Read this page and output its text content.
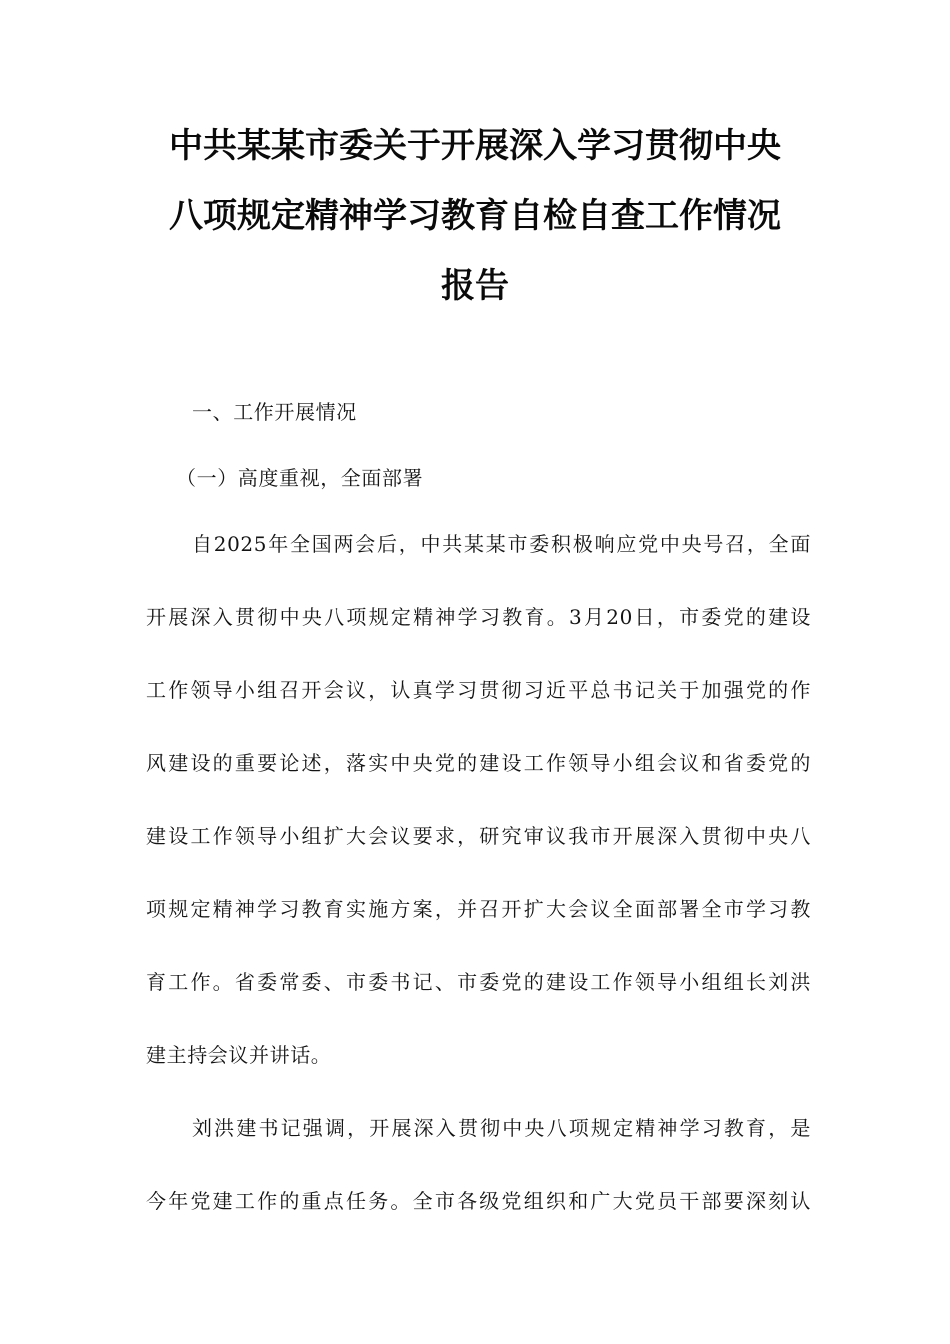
中共某某市委关于开展深入学习贯彻中央
八项规定精神学习教育自检自查工作情况
报告
一、工作开展情况
（一）高度重视，全面部署
自2025年全国两会后，中共某某市委积极响应党中央号召，全面
开展深入贯彻中央八项规定精神学习教育。3月20日，市委党的建设
工作领导小组召开会议，认真学习贯彻习近平总书记关于加强党的作
风建设的重要论述，落实中央党的建设工作领导小组会议和省委党的
建设工作领导小组扩大会议要求，研究审议我市开展深入贯彻中央八
项规定精神学习教育实施方案，并召开扩大会议全面部署全市学习教
育工作。省委常委、市委书记、市委党的建设工作领导小组组长刘洪
建主持会议并讲话。
刘洪建书记强调，开展深入贯彻中央八项规定精神学习教育，是
今年党建工作的重点任务。全市各级党组织和广大党员干部要深刻认
